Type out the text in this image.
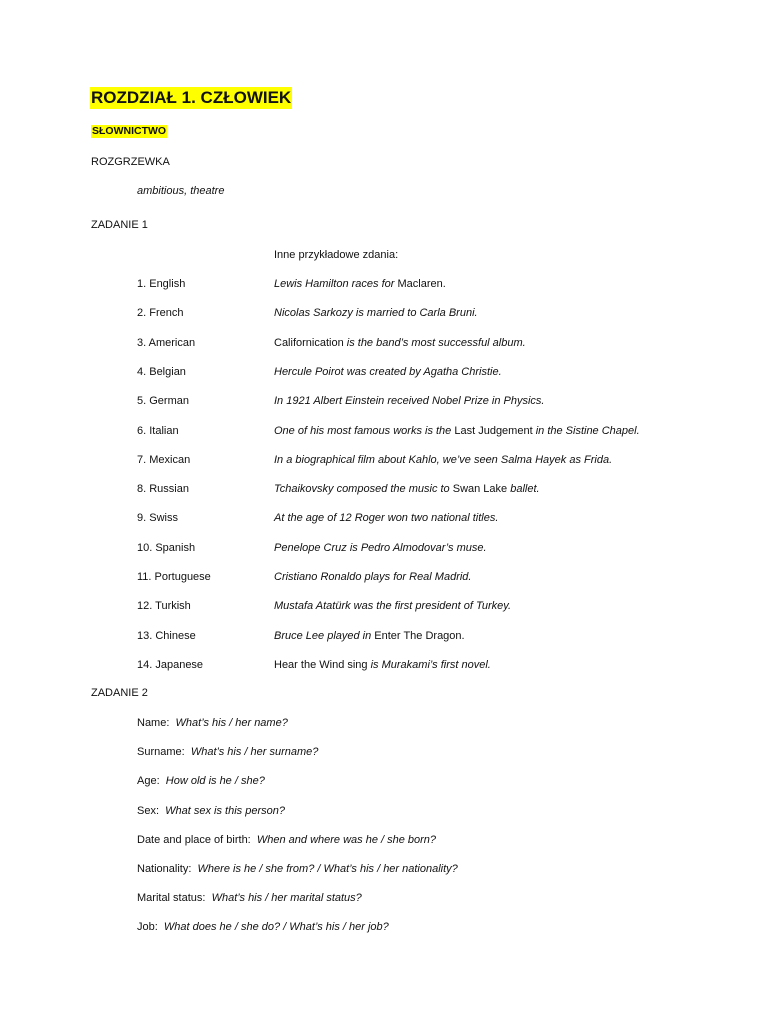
ROZDZIAŁ 1. CZŁOWIEK
SŁOWNICTWO
ROZGRZEWKA
ambitious, theatre
ZADANIE 1
Inne przykładowe zdania:
1. English	Lewis Hamilton races for Maclaren.
2. French	Nicolas Sarkozy is married to Carla Bruni.
3. American	Californication is the band’s most successful album.
4. Belgian	Hercule Poirot was created by Agatha Christie.
5. German	In 1921 Albert Einstein received Nobel Prize in Physics.
6. Italian	One of his most famous works is the Last Judgement in the Sistine Chapel.
7. Mexican	In a biographical film about Kahlo, we’ve seen Salma Hayek as Frida.
8. Russian	Tchaikovsky composed the music to Swan Lake ballet.
9. Swiss	At the age of 12 Roger won two national titles.
10. Spanish	Penelope Cruz is Pedro Almodovar’s muse.
11. Portuguese	Cristiano Ronaldo plays for Real Madrid.
12. Turkish	Mustafa Atatürk was the first president of Turkey.
13. Chinese	Bruce Lee played in Enter The Dragon.
14. Japanese	Hear the Wind sing is Murakami’s first novel.
ZADANIE 2
Name: What’s his / her name?
Surname: What’s his / her surname?
Age: How old is he / she?
Sex: What sex is this person?
Date and place of birth: When and where was he / she born?
Nationality: Where is he / she from? / What’s his / her nationality?
Marital status: What’s his / her marital status?
Job: What does he / she do? / What’s his / her job?
